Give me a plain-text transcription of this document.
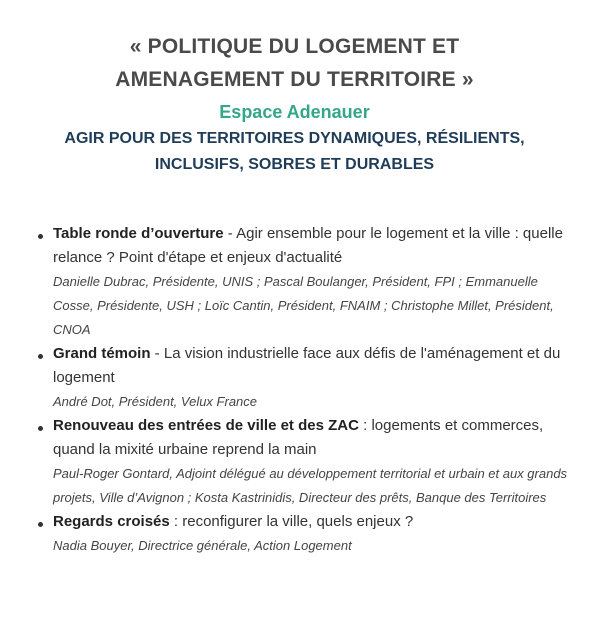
« POLITIQUE DU LOGEMENT ET
AMENAGEMENT DU TERRITOIRE »

Espace Adenauer

AGIR POUR DES TERRITOIRES DYNAMIQUES, RÉSILIENTS,
INCLUSIFS, SOBRES ET DURABLES

Table ronde d’ouverture - Agir ensemble pour le logement et la ville : quelle relance ? Point d'étape et enjeux d'actualité

Danielle Dubrac, Présidente, UNIS ; Pascal Boulanger, Président, FPI ; Emmanuelle Cosse, Présidente, USH ; Loïc Cantin, Président, FNAIM ; Christophe Millet, Président, CNOA

Grand témoin - La vision industrielle face aux défis de l'aménagement et du logement

André Dot, Président, Velux France

Renouveau des entrées de ville et des ZAC : logements et commerces, quand la mixité urbaine reprend la main

Paul-Roger Gontard, Adjoint délégué au développement territorial et urbain et aux grands projets, Ville d’Avignon ; Kosta Kastrinidis, Directeur des prêts, Banque des Territoires

Regards croisés : reconfigurer la ville, quels enjeux ?

Nadia Bouyer, Directrice générale, Action Logement
